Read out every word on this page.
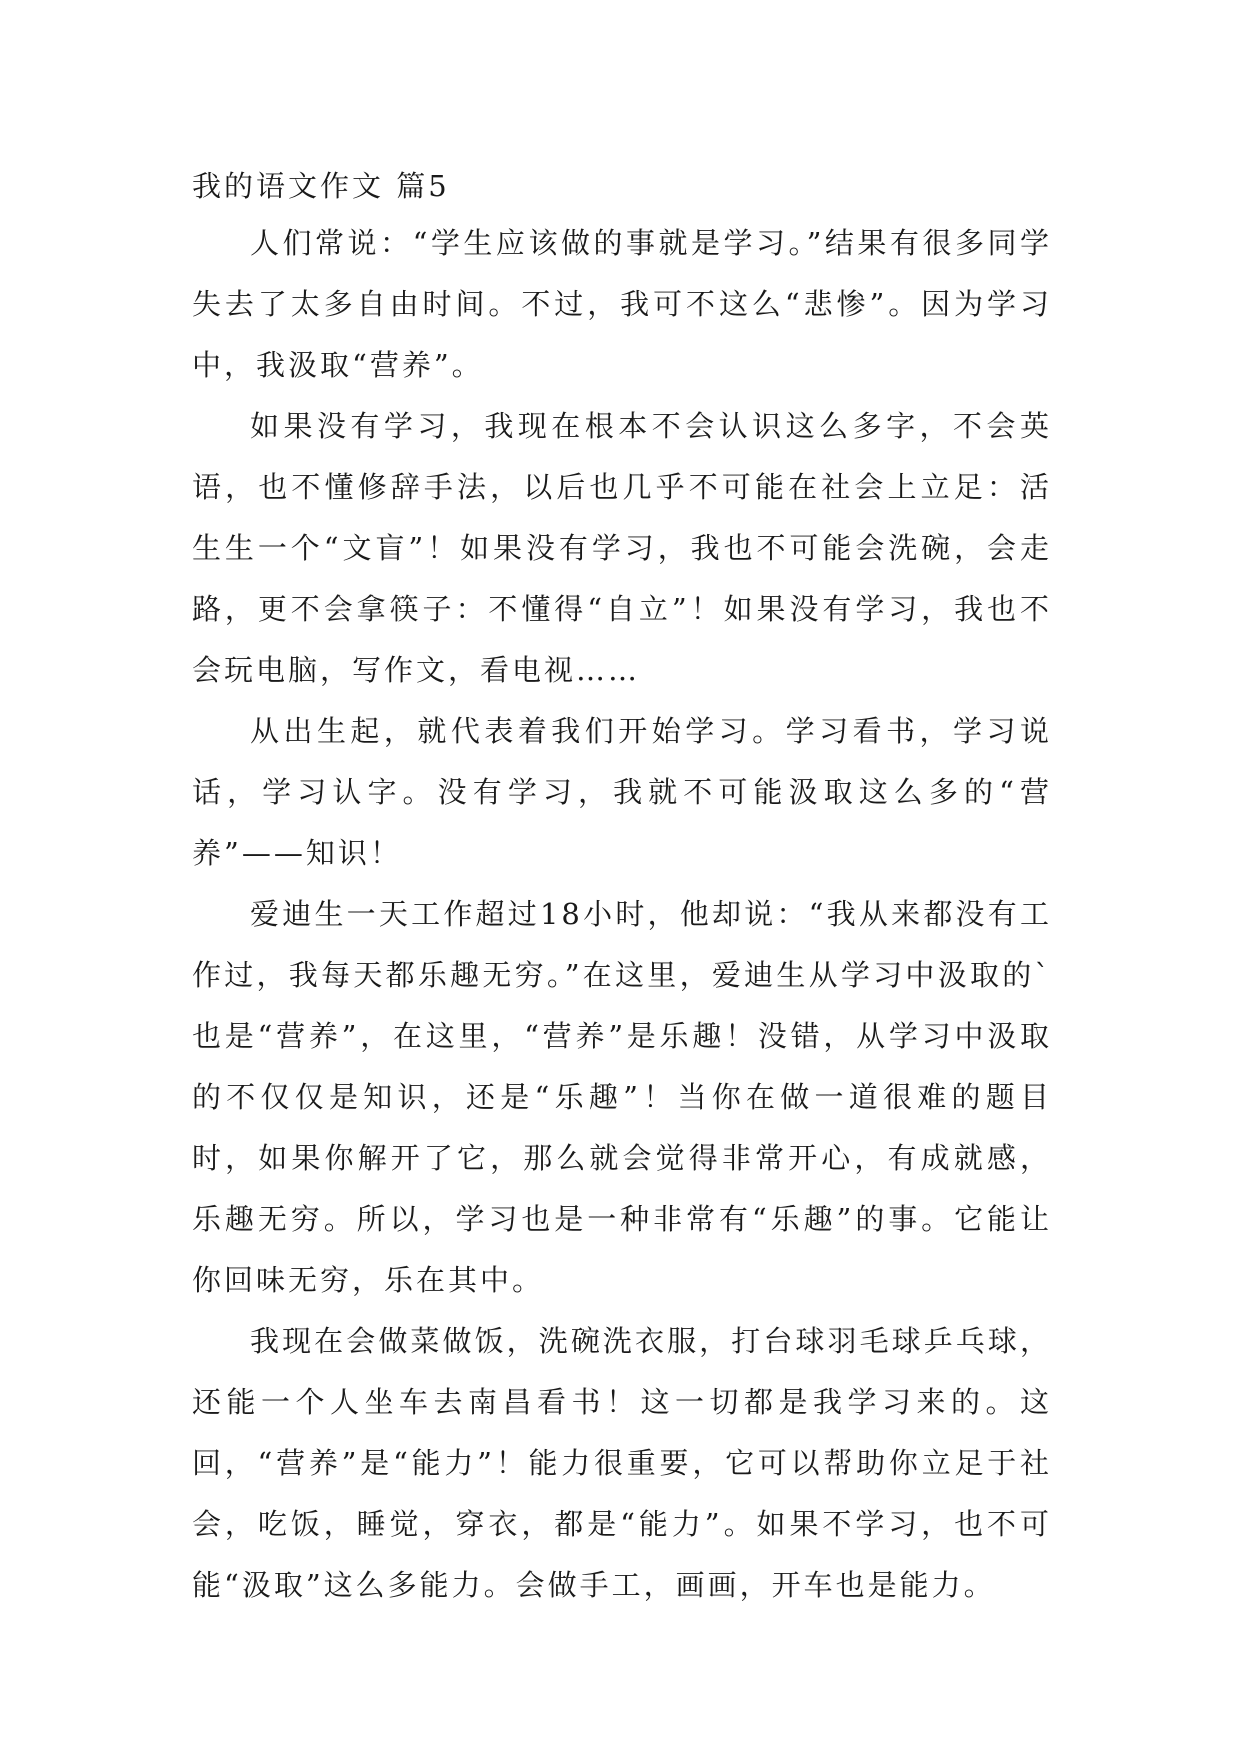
我的语文作文 篇5

人们常说：“学生应该做的事就是学习。”结果有很多同学失去了太多自由时间。不过，我可不这么“悲惨”。因为学习中，我汲取“营养”。

如果没有学习，我现在根本不会认识这么多字，不会英语，也不懂修辞手法，以后也几乎不可能在社会上立足：活生生一个“文盲”！如果没有学习，我也不可能会洗碗，会走路，更不会拿筷子：不懂得“自立”！如果没有学习，我也不会玩电脑，写作文，看电视……

从出生起，就代表着我们开始学习。学习看书，学习说话，学习认字。没有学习，我就不可能汲取这么多的“营养”——知识！

爱迪生一天工作超过18小时，他却说：“我从来都没有工作过，我每天都乐趣无穷。”在这里，爱迪生从学习中汲取的`也是“营养”，在这里，“营养”是乐趣！没错，从学习中汲取的不仅仅是知识，还是“乐趣”！当你在做一道很难的题目时，如果你解开了它，那么就会觉得非常开心，有成就感，乐趣无穷。所以，学习也是一种非常有“乐趣”的事。它能让你回味无穷，乐在其中。

我现在会做菜做饭，洗碗洗衣服，打台球羽毛球乒乓球，还能一个人坐车去南昌看书！这一切都是我学习来的。这回，“营养”是“能力”！能力很重要，它可以帮助你立足于社会，吃饭，睡觉，穿衣，都是“能力”。如果不学习，也不可能“汲取”这么多能力。会做手工，画画，开车也是能力。
